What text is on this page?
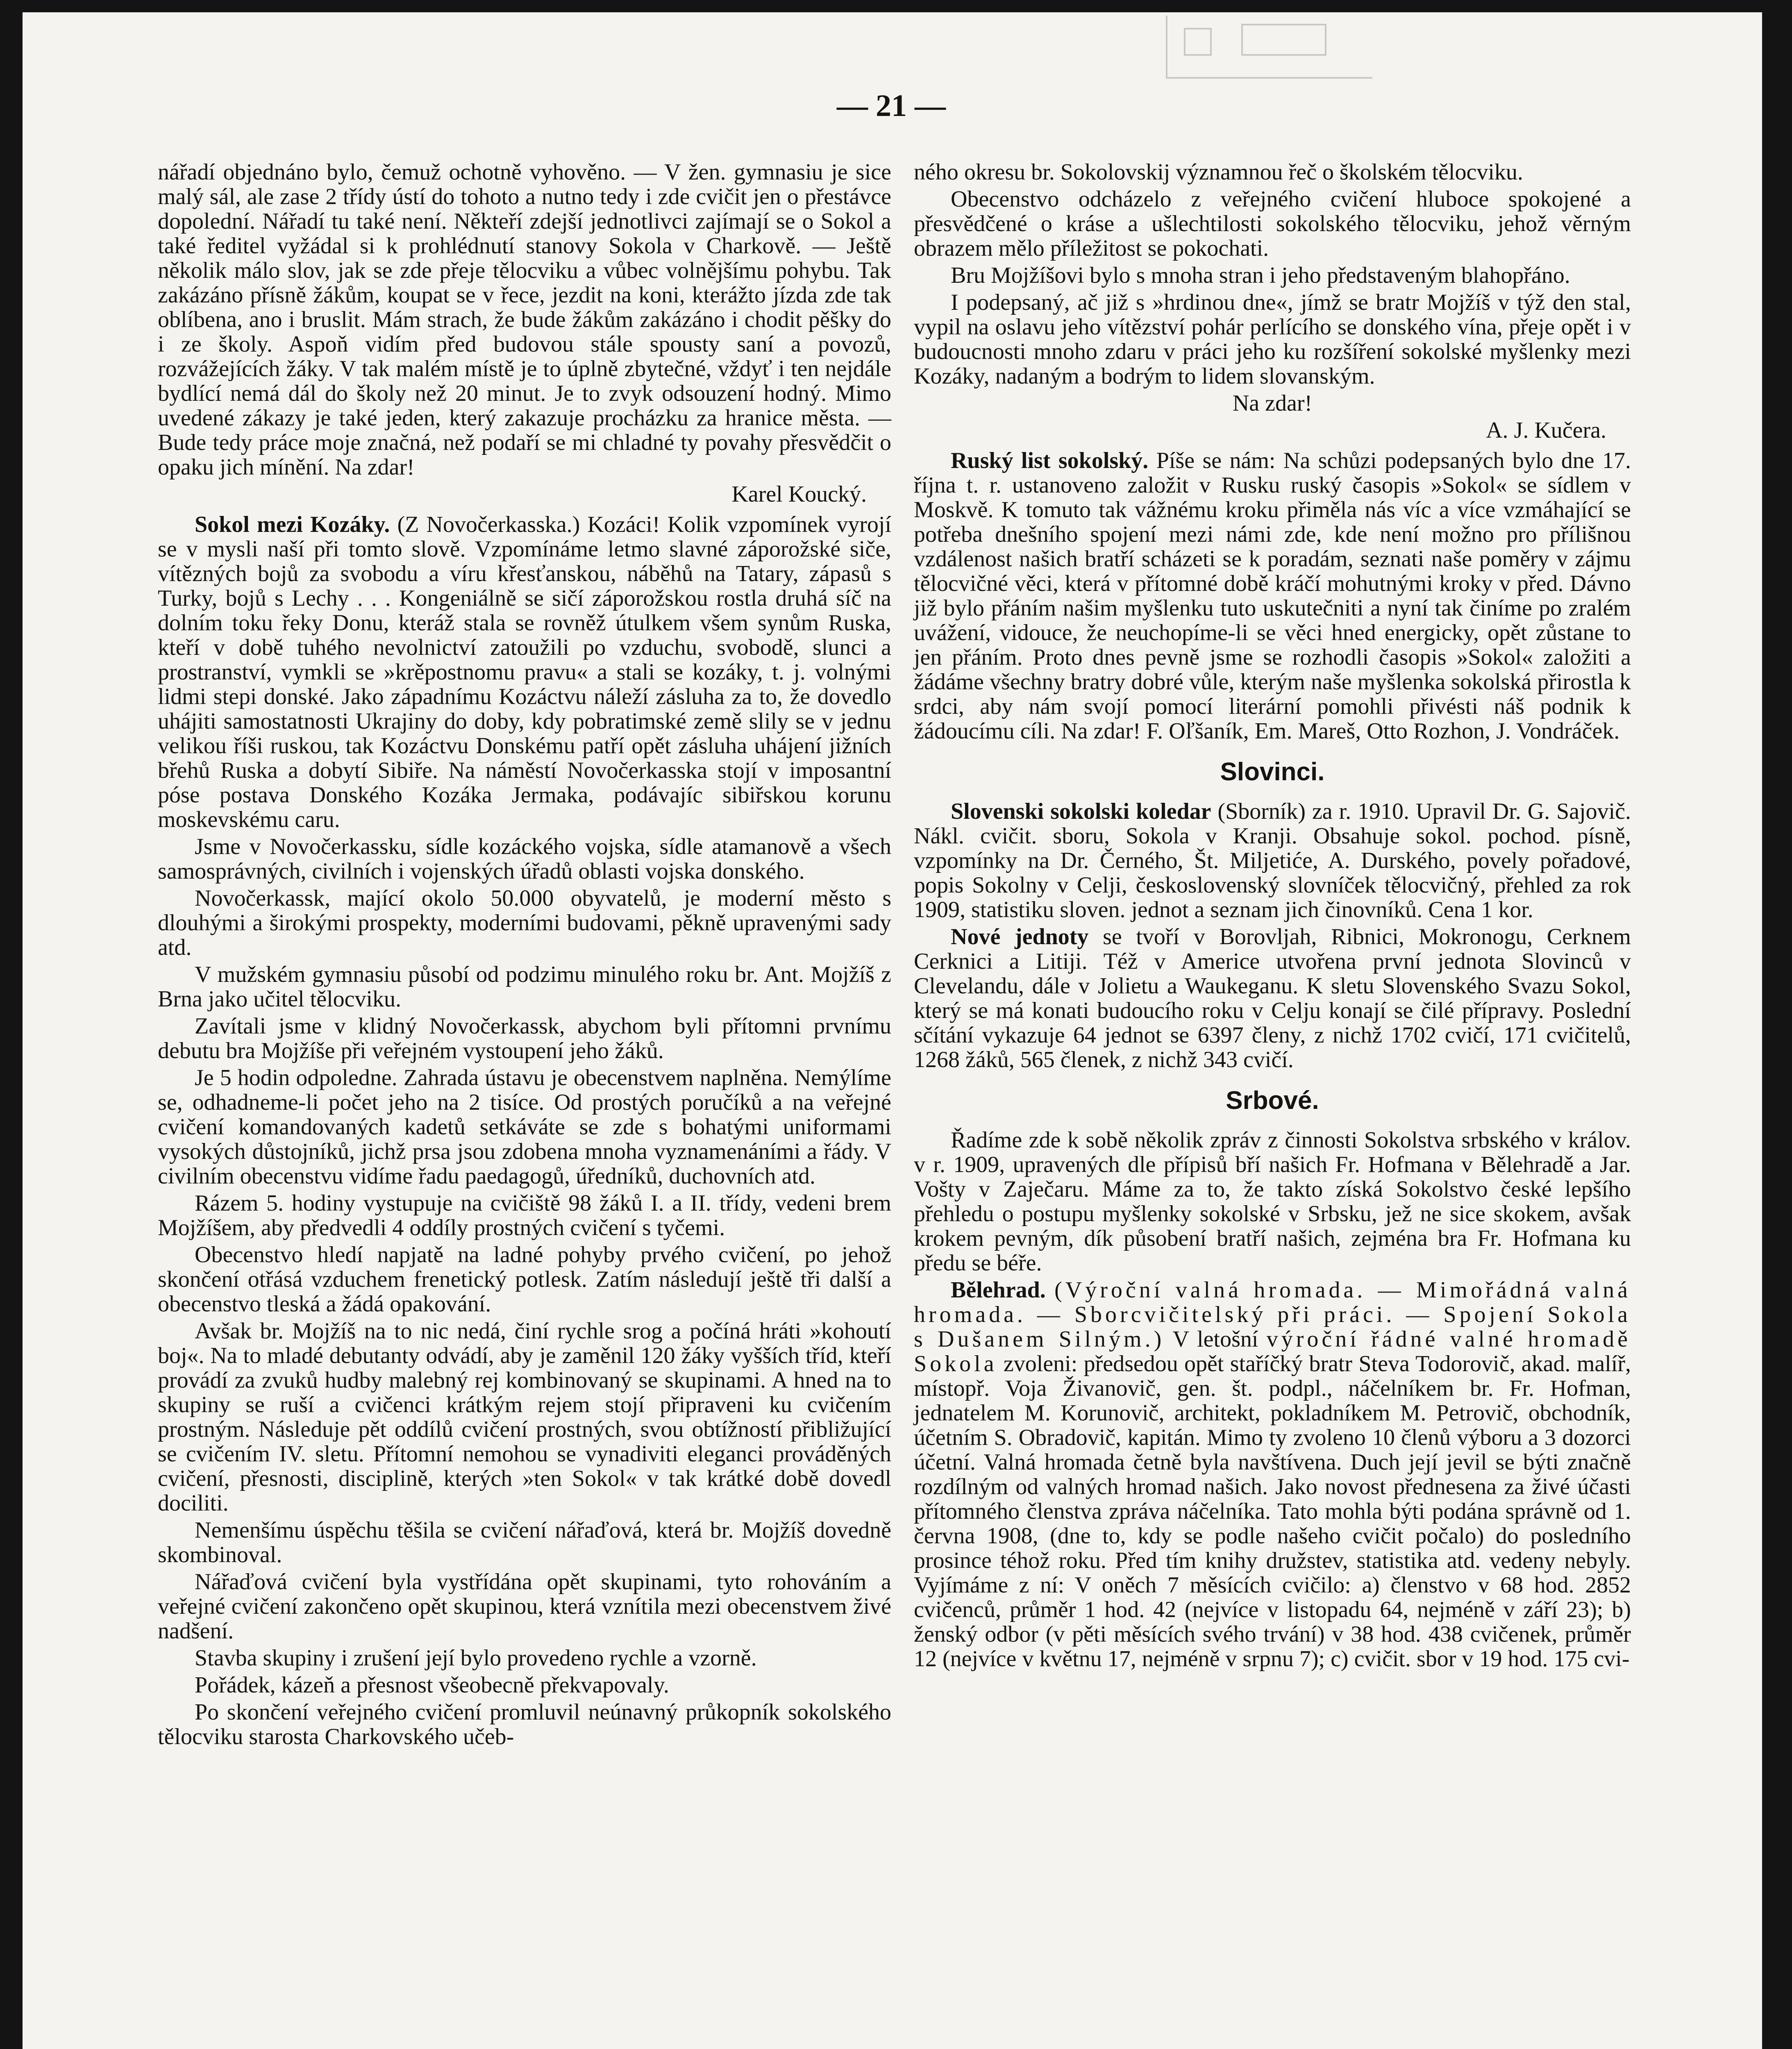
— 21 —

nářadí objednáno bylo, čemuž ochotně vyhověno. — V žen. gymnasiu je sice malý sál, ale zase 2 třídy ústí do tohoto a nutno tedy i zde cvičit jen o přestávce dopolední. Nářadí tu také není. Někteří zdejší jednotlivci zajímají se o Sokol a také ředitel vyžádal si k prohlédnutí stanovy Sokola v Charkově. — Ještě několik málo slov, jak se zde přeje tělocviku a vůbec volnějšímu pohybu. Tak zakázáno přísně žákům, koupat se v řece, jezdit na koni, kterážto jízda zde tak oblíbena, ano i bruslit. Mám strach, že bude žákům zakázáno i chodit pěšky do i ze školy. Aspoň vidím před budovou stále spousty saní a povozů, rozvážejících žáky. V tak malém místě je to úplně zbytečné, vždyť i ten nejdále bydlící nemá dál do školy než 20 minut. Je to zvyk odsouzení hodný. Mimo uvedené zákazy je také jeden, který zakazuje procházku za hranice města. — Bude tedy práce moje značná, než podaří se mi chladné ty povahy přesvědčit o opaku jich mínění. Na zdar!

Karel Koucký.

Sokol mezi Kozáky. (Z Novočerkasska.) Kozáci! Kolik vzpomínek vyrojí se v mysli naší při tomto slově. Vzpomínáme letmo slavné záporožské siče, vítězných bojů za svobodu a víru křesťanskou, náběhů na Tatary, zápasů s Turky, bojů s Lechy . . . Kongeniálně se sičí záporožskou rostla druhá síč na dolním toku řeky Donu, kteráž stala se rovněž útulkem všem synům Ruska, kteří v době tuhého nevolnictví zatoužili po vzduchu, svobodě, slunci a prostranství, vymkli se »krěpostnomu pravu« a stali se kozáky, t. j. volnými lidmi stepi donské. Jako západnímu Kozáctvu náleží zásluha za to, že dovedlo uhájiti samostatnosti Ukrajiny do doby, kdy pobratimské země slily se v jednu velikou říši ruskou, tak Kozáctvu Donskému patří opět zásluha uhájení jižních břehů Ruska a dobytí Sibiře. Na náměstí Novočerkasska stojí v imposantní póse postava Donského Kozáka Jermaka, podávajíc sibiřskou korunu moskevskému caru.

Jsme v Novočerkassku, sídle kozáckého vojska, sídle atamanově a všech samosprávných, civilních i vojenských úřadů oblasti vojska donského.

Novočerkassk, mající okolo 50.000 obyvatelů, je moderní město s dlouhými a širokými prospekty, moderními budovami, pěkně upravenými sady atd.

V mužském gymnasiu působí od podzimu minulého roku br. Ant. Mojžíš z Brna jako učitel tělocviku.

Zavítali jsme v klidný Novočerkassk, abychom byli přítomni prvnímu debutu bra Mojžíše při veřejném vystoupení jeho žáků.

Je 5 hodin odpoledne. Zahrada ústavu je obecenstvem naplněna. Nemýlíme se, odhadneme-li počet jeho na 2 tisíce. Od prostých poručíků a na veřejné cvičení komandovaných kadetů setkáváte se zde s bohatými uniformami vysokých důstojníků, jichž prsa jsou zdobena mnoha vyznamenáními a řády. V civilním obecenstvu vidíme řadu paedagogů, úředníků, duchovních atd.

Rázem 5. hodiny vystupuje na cvičiště 98 žáků I. a II. třídy, vedeni brem Mojžíšem, aby předvedli 4 oddíly prostných cvičení s tyčemi.

Obecenstvo hledí napjatě na ladné pohyby prvého cvičení, po jehož skončení otřásá vzduchem frenetický potlesk. Zatím následují ještě tři další a obecenstvo tleská a žádá opakování.

Avšak br. Mojžíš na to nic nedá, činí rychle srog a počíná hráti »kohoutí boj«. Na to mladé debutanty odvádí, aby je zaměnil 120 žáky vyšších tříd, kteří provádí za zvuků hudby malebný rej kombinovaný se skupinami. A hned na to skupiny se ruší a cvičenci krátkým rejem stojí připraveni ku cvičením prostným. Následuje pět oddílů cvičení prostných, svou obtížností přibližující se cvičením IV. sletu. Přítomní nemohou se vynadiviti eleganci prováděných cvičení, přesnosti, disciplině, kterých »ten Sokol« v tak krátké době dovedl dociliti.

Nemenšímu úspěchu těšila se cvičení nářaďová, která br. Mojžíš dovedně skombinoval.

Nářaďová cvičení byla vystřídána opět skupinami, tyto rohováním a veřejné cvičení zakončeno opět skupinou, která vznítila mezi obecenstvem živé nadšení.

Stavba skupiny i zrušení její bylo provedeno rychle a vzorně.

Pořádek, kázeň a přesnost všeobecně překvapovaly.

Po skončení veřejného cvičení promluvil neúnavný průkopník sokolského tělocviku starosta Charkovského učeb-

ného okresu br. Sokolovskij významnou řeč o školském tělocviku.

Obecenstvo odcházelo z veřejného cvičení hluboce spokojené a přesvědčené o kráse a ušlechtilosti sokolského tělocviku, jehož věrným obrazem mělo příležitost se pokochati.

Bru Mojžíšovi bylo s mnoha stran i jeho představeným blahopřáno.

I podepsaný, ač již s »hrdinou dne«, jímž se bratr Mojžíš v týž den stal, vypil na oslavu jeho vítězství pohár perlícího se donského vína, přeje opět i v budoucnosti mnoho zdaru v práci jeho ku rozšíření sokolské myšlenky mezi Kozáky, nadaným a bodrým to lidem slovanským.

Na zdar!

A. J. Kučera.

Ruský list sokolský. Píše se nám: Na schůzi podepsaných bylo dne 17. října t. r. ustanoveno založit v Rusku ruský časopis »Sokol« se sídlem v Moskvě. K tomuto tak vážnému kroku přiměla nás víc a více vzmáhající se potřeba dnešního spojení mezi námi zde, kde není možno pro přílišnou vzdálenost našich bratří scházeti se k poradám, seznati naše poměry v zájmu tělocvičné věci, která v přítomné době kráčí mohutnými kroky v před. Dávno již bylo přáním našim myšlenku tuto uskutečniti a nyní tak činíme po zralém uvážení, vidouce, že neuchopíme-li se věci hned energicky, opět zůstane to jen přáním. Proto dnes pevně jsme se rozhodli časopis »Sokol« založiti a žádáme všechny bratry dobré vůle, kterým naše myšlenka sokolská přirostla k srdci, aby nám svojí pomocí literární pomohli přivésti náš podnik k žádoucímu cíli. Na zdar! F. Oľšaník, Em. Mareš, Otto Rozhon, J. Vondráček.

Slovinci.

Slovenski sokolski koledar (Sborník) za r. 1910. Upravil Dr. G. Sajovič. Nákl. cvičit. sboru, Sokola v Kranji. Obsahuje sokol. pochod. písně, vzpomínky na Dr. Černého, Št. Miljetiće, A. Durského, povely pořadové, popis Sokolny v Celji, československý slovníček tělocvičný, přehled za rok 1909, statistiku sloven. jednot a seznam jich činovníků. Cena 1 kor.

Nové jednoty se tvoří v Borovljah, Ribnici, Mokronogu, Cerknem Cerknici a Litiji. Též v Americe utvořena první jednota Slovinců v Clevelandu, dále v Jolietu a Waukeganu. K sletu Slovenského Svazu Sokol, který se má konati budoucího roku v Celju konají se čilé přípravy. Poslední sčítání vykazuje 64 jednot se 6397 členy, z nichž 1702 cvičí, 171 cvičitelů, 1268 žáků, 565 členek, z nichž 343 cvičí.

Srbové.

Řadíme zde k sobě několik zpráv z činnosti Sokolstva srbského v králov. v r. 1909, upravených dle přípisů bří našich Fr. Hofmana v Bělehradě a Jar. Vošty v Zaječaru. Máme za to, že takto získá Sokolstvo české lepšího přehledu o postupu myšlenky sokolské v Srbsku, jež ne sice skokem, avšak krokem pevným, dík působení bratří našich, zejména bra Fr. Hofmana ku předu se béře.

Bělehrad. (Výroční valná hromada. — Mimořádná valná hromada. — Sborcvičitelský při práci. — Spojení Sokola s Dušanem Silným.) V letošní výroční řádné valné hromadě Sokola zvoleni: předsedou opět staříčký bratr Steva Todorovič, akad. malíř, místopř. Voja Živanovič, gen. št. podpl., náčelníkem br. Fr. Hofman, jednatelem M. Korunovič, architekt, pokladníkem M. Petrovič, obchodník, účetním S. Obradovič, kapitán. Mimo ty zvoleno 10 členů výboru a 3 dozorci účetní. Valná hromada četně byla navštívena. Duch její jevil se býti značně rozdílným od valných hromad našich. Jako novost přednesena za živé účasti přítomného členstva zpráva náčelníka. Tato mohla býti podána správně od 1. června 1908, (dne to, kdy se podle našeho cvičit počalo) do posledního prosince téhož roku. Před tím knihy družstev, statistika atd. vedeny nebyly. Vyjímáme z ní: V oněch 7 měsících cvičilo: a) členstvo v 68 hod. 2852 cvičenců, průměr 1 hod. 42 (nejvíce v listopadu 64, nejméně v září 23); b) ženský odbor (v pěti měsících svého trvání) v 38 hod. 438 cvičenek, průměr 12 (nejvíce v květnu 17, nejméně v srpnu 7); c) cvičit. sbor v 19 hod. 175 cvi-
